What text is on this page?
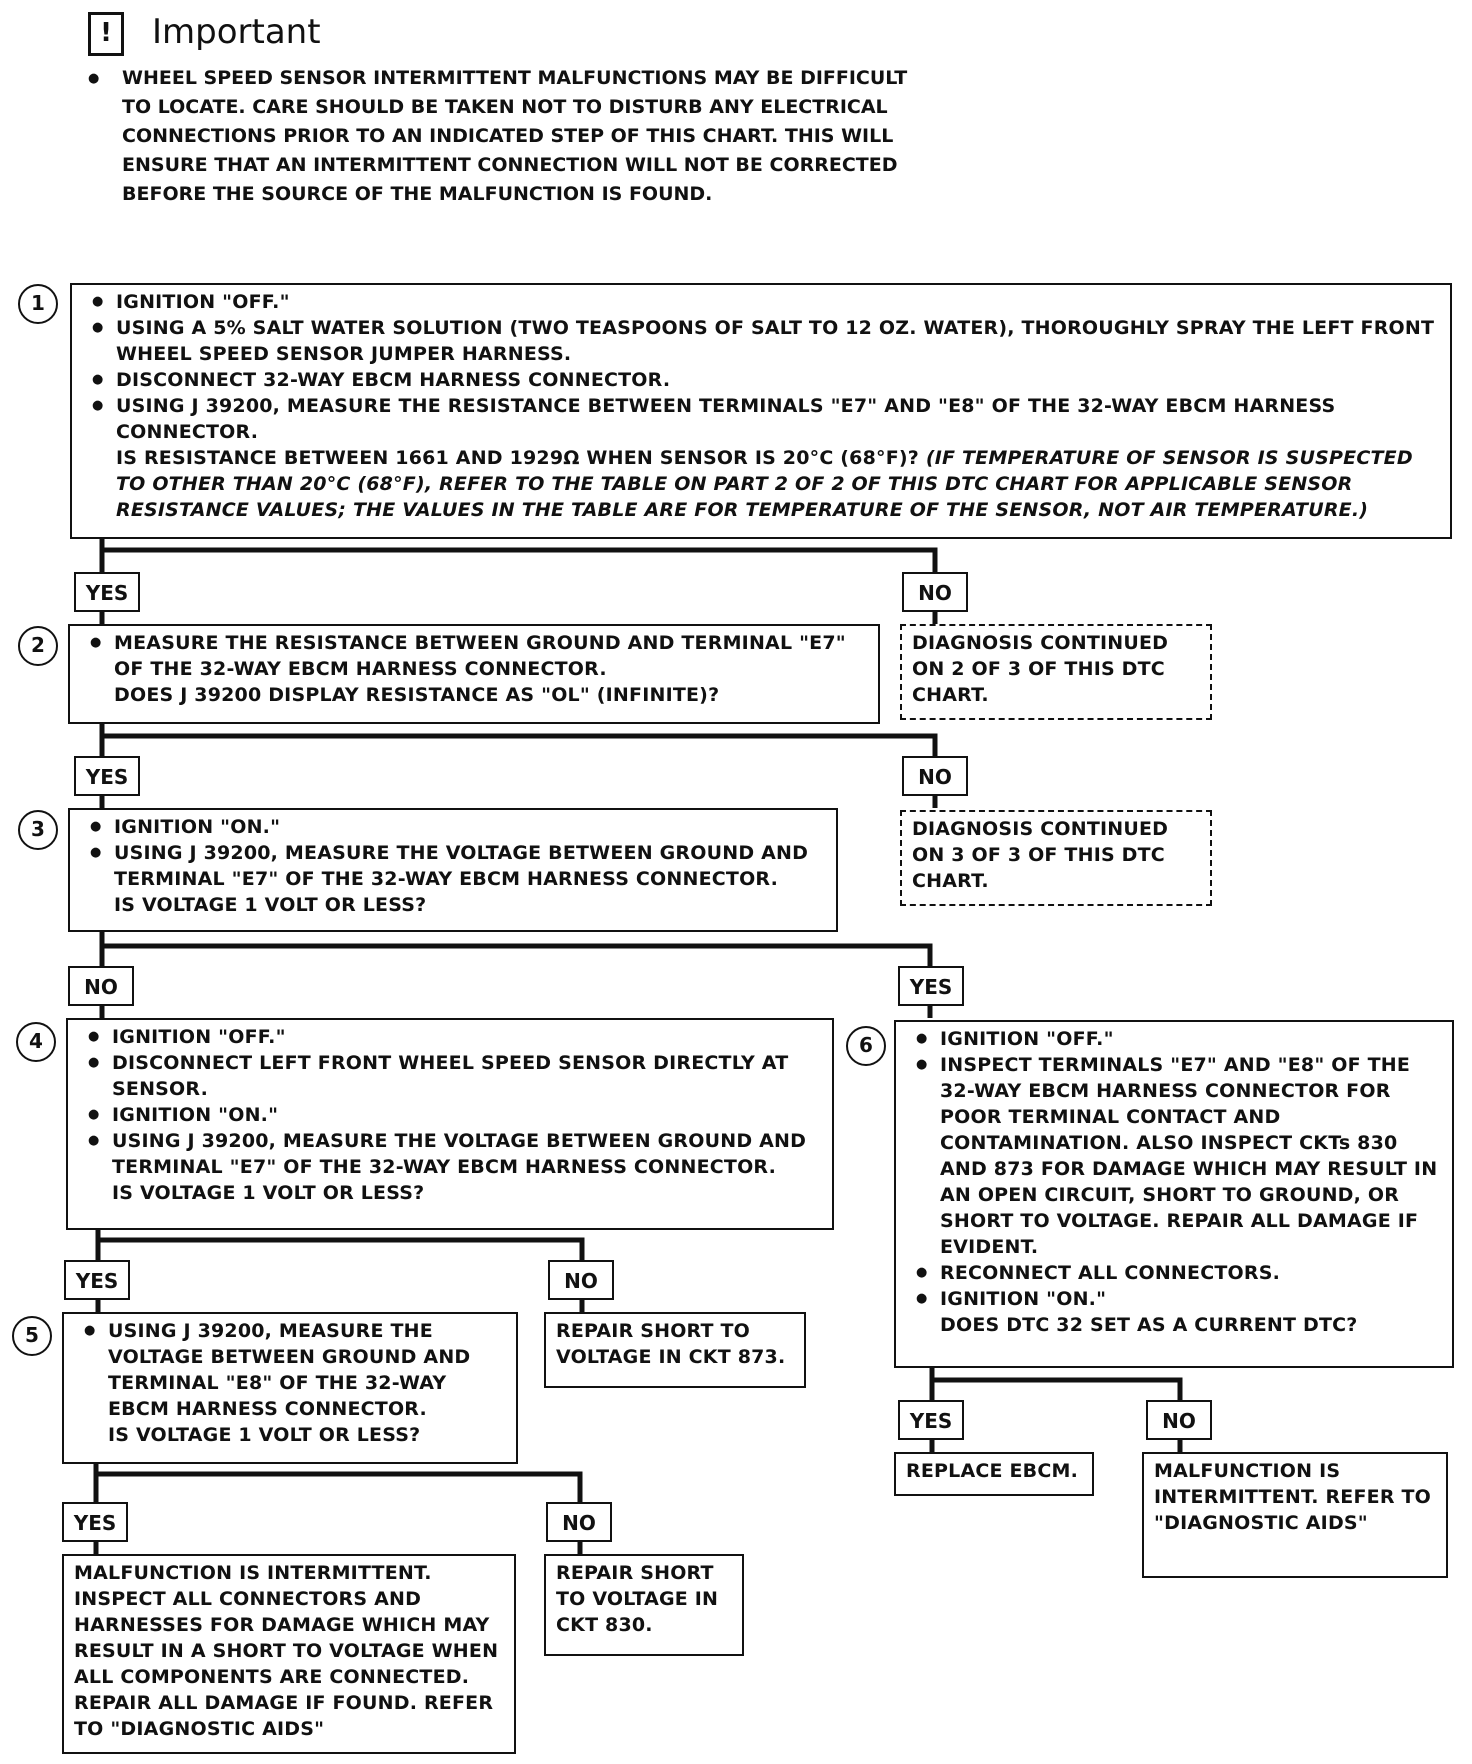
!	Important
●	WHEEL SPEED SENSOR INTERMITTENT MALFUNCTIONS MAY BE DIFFICULT TO LOCATE. CARE SHOULD BE TAKEN NOT TO DISTURB ANY ELECTRICAL CONNECTIONS PRIOR TO AN INDICATED STEP OF THIS CHART. THIS WILL ENSURE THAT AN INTERMITTENT CONNECTION WILL NOT BE CORRECTED BEFORE THE SOURCE OF THE MALFUNCTION IS FOUND.
1	● IGNITION "OFF."
● USING A 5% SALT WATER SOLUTION (TWO TEASPOONS OF SALT TO 12 OZ. WATER), THOROUGHLY SPRAY THE LEFT FRONT WHEEL SPEED SENSOR JUMPER HARNESS.
● DISCONNECT 32-WAY EBCM HARNESS CONNECTOR.
● USING J 39200, MEASURE THE RESISTANCE BETWEEN TERMINALS "E7" AND "E8" OF THE 32-WAY EBCM HARNESS CONNECTOR.
IS RESISTANCE BETWEEN 1661 AND 1929Ω WHEN SENSOR IS 20°C (68°F)? (IF TEMPERATURE OF SENSOR IS SUSPECTED TO OTHER THAN 20°C (68°F), REFER TO THE TABLE ON PART 2 OF 2 OF THIS DTC CHART FOR APPLICABLE SENSOR RESISTANCE VALUES; THE VALUES IN THE TABLE ARE FOR TEMPERATURE OF THE SENSOR, NOT AIR TEMPERATURE.)
YES	NO
2	● MEASURE THE RESISTANCE BETWEEN GROUND AND TERMINAL "E7" OF THE 32-WAY EBCM HARNESS CONNECTOR.
DOES J 39200 DISPLAY RESISTANCE AS "OL" (INFINITE)?
DIAGNOSIS CONTINUED ON 2 OF 3 OF THIS DTC CHART.
YES	NO
3	● IGNITION "ON."
● USING J 39200, MEASURE THE VOLTAGE BETWEEN GROUND AND TERMINAL "E7" OF THE 32-WAY EBCM HARNESS CONNECTOR.
IS VOLTAGE 1 VOLT OR LESS?
DIAGNOSIS CONTINUED ON 3 OF 3 OF THIS DTC CHART.
NO	YES
4	● IGNITION "OFF."
● DISCONNECT LEFT FRONT WHEEL SPEED SENSOR DIRECTLY AT SENSOR.
● IGNITION "ON."
● USING J 39200, MEASURE THE VOLTAGE BETWEEN GROUND AND TERMINAL "E7" OF THE 32-WAY EBCM HARNESS CONNECTOR.
IS VOLTAGE 1 VOLT OR LESS?
6	● IGNITION "OFF."
● INSPECT TERMINALS "E7" AND "E8" OF THE 32-WAY EBCM HARNESS CONNECTOR FOR POOR TERMINAL CONTACT AND CONTAMINATION. ALSO INSPECT CKTs 830 AND 873 FOR DAMAGE WHICH MAY RESULT IN AN OPEN CIRCUIT, SHORT TO GROUND, OR SHORT TO VOLTAGE. REPAIR ALL DAMAGE IF EVIDENT.
● RECONNECT ALL CONNECTORS.
● IGNITION "ON."
DOES DTC 32 SET AS A CURRENT DTC?
YES	NO
5	● USING J 39200, MEASURE THE VOLTAGE BETWEEN GROUND AND TERMINAL "E8" OF THE 32-WAY EBCM HARNESS CONNECTOR.
IS VOLTAGE 1 VOLT OR LESS?
REPAIR SHORT TO VOLTAGE IN CKT 873.
YES	NO
REPLACE EBCM.	MALFUNCTION IS INTERMITTENT. REFER TO "DIAGNOSTIC AIDS"
YES	NO
MALFUNCTION IS INTERMITTENT. INSPECT ALL CONNECTORS AND HARNESSES FOR DAMAGE WHICH MAY RESULT IN A SHORT TO VOLTAGE WHEN ALL COMPONENTS ARE CONNECTED. REPAIR ALL DAMAGE IF FOUND. REFER TO "DIAGNOSTIC AIDS"
REPAIR SHORT TO VOLTAGE IN CKT 830.
